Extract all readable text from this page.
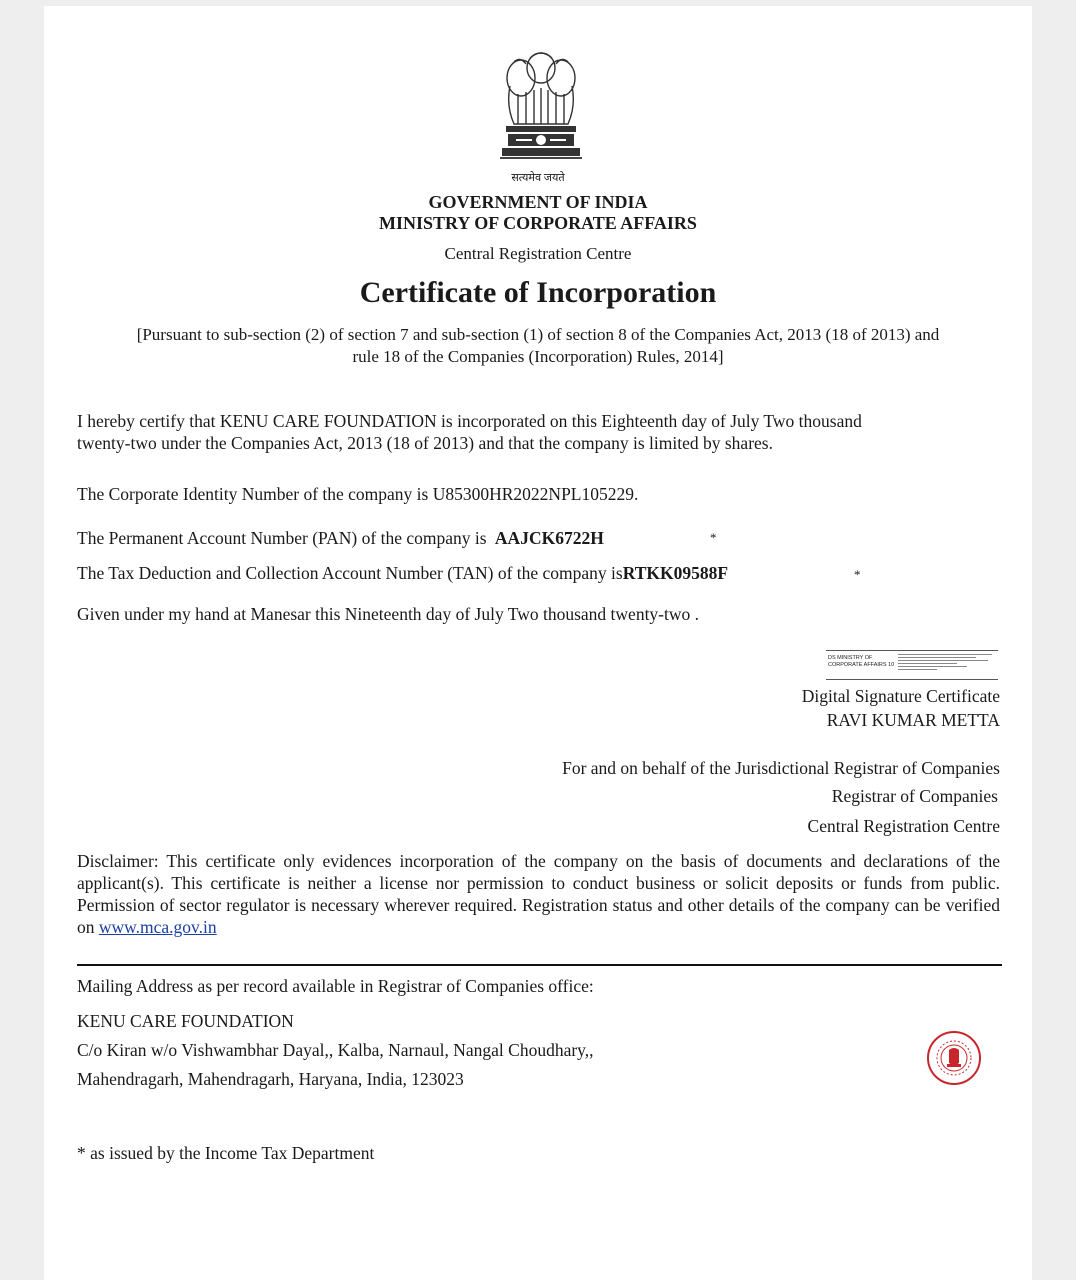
सत्यमेव जयते
GOVERNMENT OF INDIA
MINISTRY OF CORPORATE AFFAIRS
Central Registration Centre
Certificate of Incorporation
[Pursuant to sub-section (2) of section 7 and sub-section (1) of section 8 of the Companies Act, 2013 (18 of 2013) and
rule 18 of the Companies (Incorporation) Rules, 2014]
I hereby certify that KENU CARE FOUNDATION is incorporated on this Eighteenth day of July Two thousand
twenty-two under the Companies Act, 2013 (18 of 2013) and that the company is limited by shares.
The Corporate Identity Number of the company is U85300HR2022NPL105229.
The Permanent Account Number (PAN) of the company is AAJCK6722H	*
The Tax Deduction and Collection Account Number (TAN) of the company isRTKK09588F	*
Given under my hand at Manesar this Nineteenth day of July Two thousand twenty-two .
DS MINISTRY OF
CORPORATE AFFAIRS 10
Digital Signature Certificate
RAVI KUMAR METTA
For and on behalf of the Jurisdictional Registrar of Companies
Registrar of Companies
Central Registration Centre
Disclaimer: This certificate only evidences incorporation of the company on the basis of documents and declarations of the applicant(s). This certificate is neither a license nor permission to conduct business or solicit deposits or funds from public. Permission of sector regulator is necessary wherever required. Registration status and other details of the company can be verified on www.mca.gov.in
Mailing Address as per record available in Registrar of Companies office:
KENU CARE FOUNDATION
C/o Kiran w/o Vishwambhar Dayal,, Kalba, Narnaul, Nangal Choudhary,,
Mahendragarh, Mahendragarh, Haryana, India, 123023
* as issued by the Income Tax Department
